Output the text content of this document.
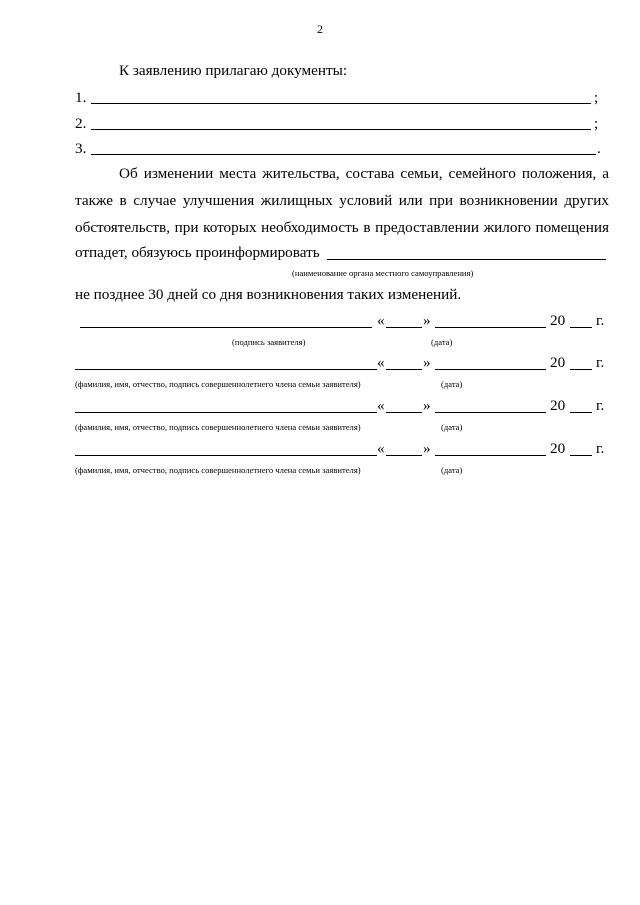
2
К заявлению прилагаю документы:
1.	;
2.	;
3.	.
Об изменении места жительства, состава семьи, семейного положения, а
также в случае улучшения жилищных условий или при возникновении других
обстоятельств, при которых необходимость в предоставлении жилого помещения
отпадет, обязуюсь проинформировать
(наименование органа местного самоуправления)
не позднее 30 дней со дня возникновения таких изменений.
«	»	20 г.
(подпись заявителя)	(дата)
«	»	20 г.
(фамилия, имя, отчество, подпись совершеннолетнего члена семьи заявителя)	(дата)
«	»	20 г.
(фамилия, имя, отчество, подпись совершеннолетнего члена семьи заявителя)	(дата)
«	»	20 г.
(фамилия, имя, отчество, подпись совершеннолетнего члена семьи заявителя)	(дата)
